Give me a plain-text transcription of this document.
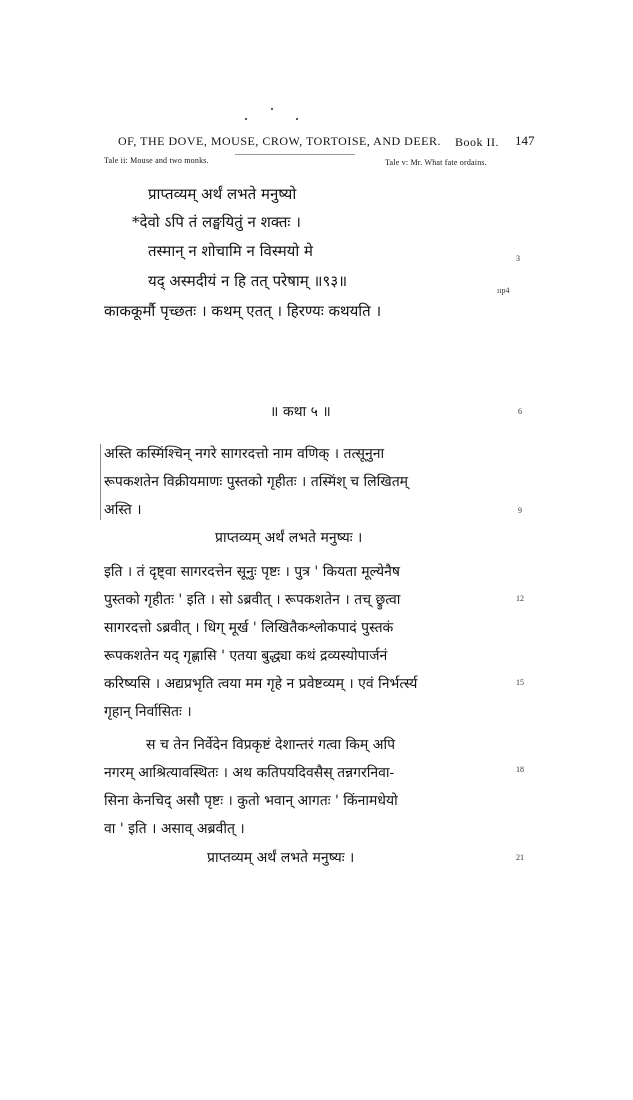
OF, THE DOVE, MOUSE, CROW, TORTOISE, AND DEER. Book II. 147
Tale ii: Mouse and two monks.	Tale v: Mr. What fate ordains.
प्राप्तव्यम् अर्थं लभते मनुष्यो
*देवो ऽपि तं लङ्घयितुं न शक्तः ।
तस्मान् न शोचामि न विस्मयो मे
यद् अस्मदीयं न हि तत् परेषाम् ॥९३॥
3
ııp4
काककूर्मौ पृच्छतः । कथम् एतत् । हिरण्यः कथयति ।
॥ कथा ५ ॥	6
अस्ति कस्मिंश्चिन् नगरे सागरदत्तो नाम वणिक् । तत्सूनुना
रूपकशतेन विक्रीयमाणः पुस्तको गृहीतः । तस्मिंश् च लिखितम्
अस्ति ।	9
प्राप्तव्यम् अर्थं लभते मनुष्यः ।
इति । तं दृष्ट्वा सागरदत्तेन सूनुः पृष्टः । पुत्र ' कियता मूल्येनैष
पुस्तको गृहीतः ' इति । सो ऽब्रवीत् । रूपकशतेन । तच् छ्रुत्वा
सागरदत्तो ऽब्रवीत् । धिग् मूर्ख ' लिखितैकश्लोकपादं पुस्तकं
रूपकशतेन यद् गृह्णासि ' एतया बुद्ध्या कथं द्रव्यस्योपार्जनं
करिष्यसि । अद्यप्रभृति त्वया मम गृहे न प्रवेष्टव्यम् । एवं निर्भर्त्स्य
गृहान् निर्वासितः ।
12
15
स च तेन निर्वेदेन विप्रकृष्टं देशान्तरं गत्वा किम् अपि
नगरम् आश्रित्यावस्थितः । अथ कतिपयदिवसैस् तन्नगरनिवा-
सिना केनचिद् असौ पृष्टः । कुतो भवान् आगतः ' किंनामधेयो
वा ' इति । असाव् अब्रवीत् ।
18
प्राप्तव्यम् अर्थं लभते मनुष्यः ।	21
